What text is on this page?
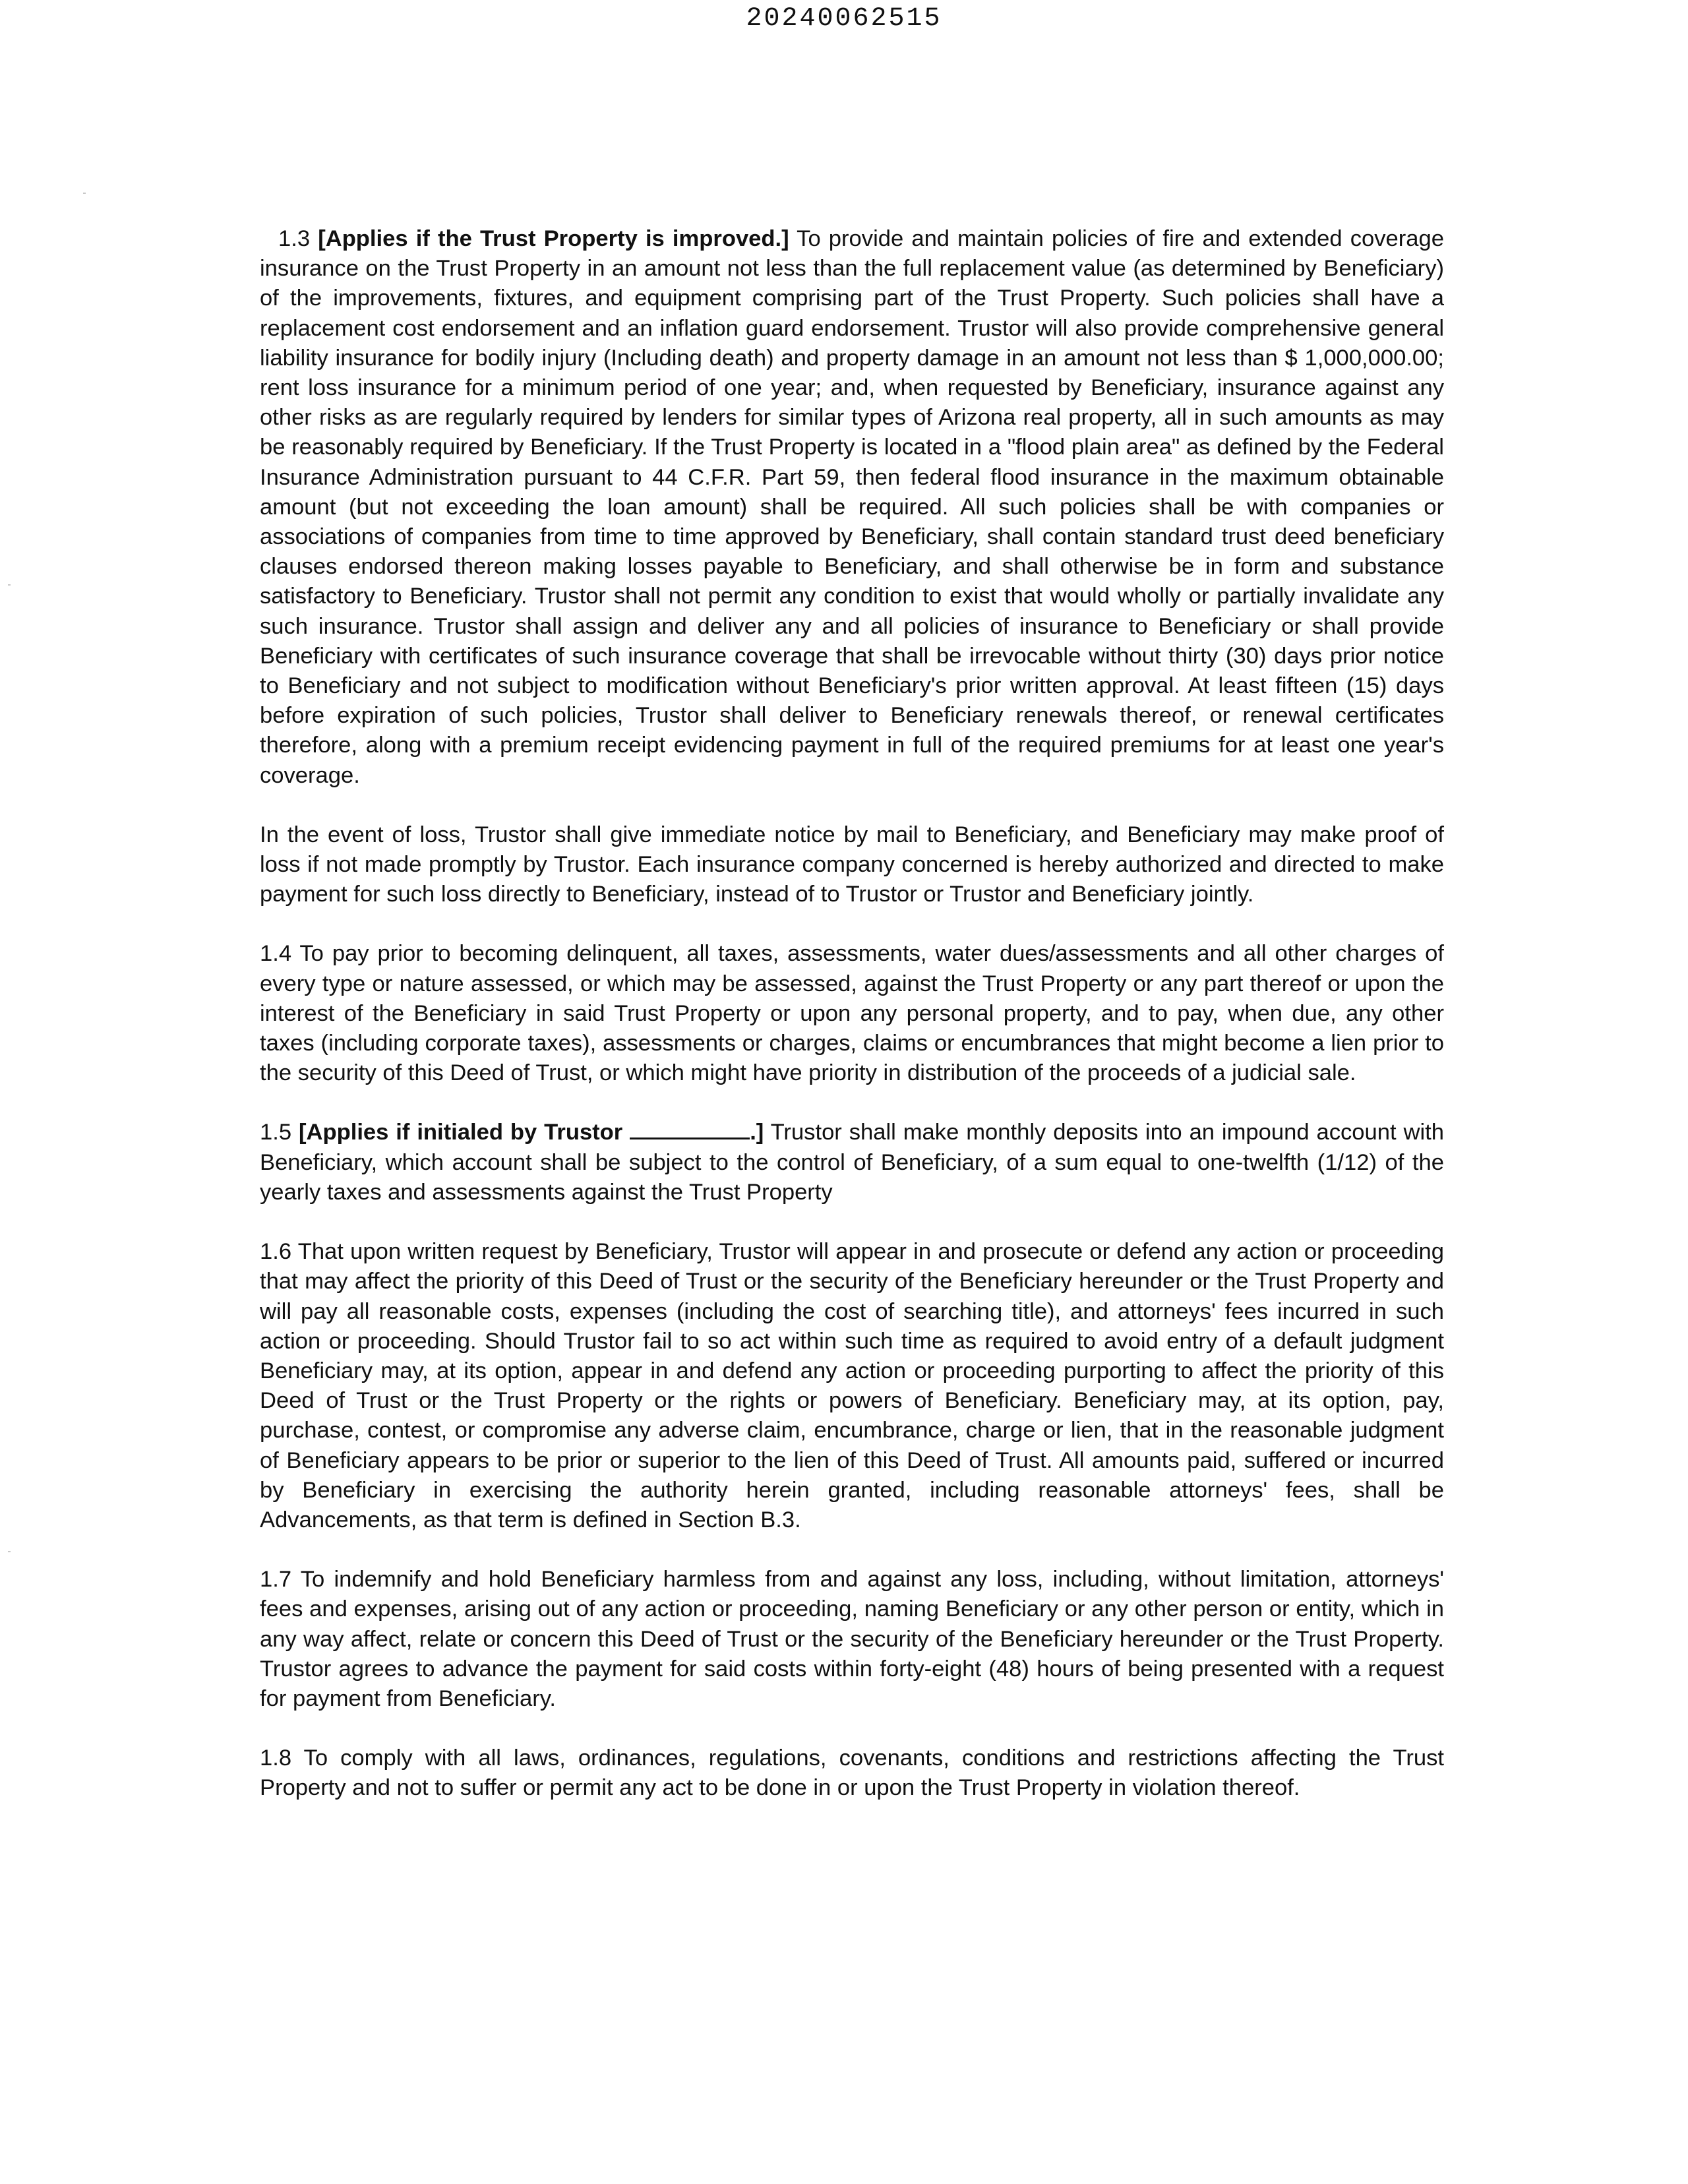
20240062515

1.3 [Applies if the Trust Property is improved.] To provide and maintain policies of fire and extended coverage insurance on the Trust Property in an amount not less than the full replacement value (as determined by Beneficiary) of the improvements, fixtures, and equipment comprising part of the Trust Property. Such policies shall have a replacement cost endorsement and an inflation guard endorsement. Trustor will also provide comprehensive general liability insurance for bodily injury (Including death) and property damage in an amount not less than $ 1,000,000.00; rent loss insurance for a minimum period of one year; and, when requested by Beneficiary, insurance against any other risks as are regularly required by lenders for similar types of Arizona real property, all in such amounts as may be reasonably required by Beneficiary. If the Trust Property is located in a "flood plain area" as defined by the Federal Insurance Administration pursuant to 44 C.F.R. Part 59, then federal flood insurance in the maximum obtainable amount (but not exceeding the loan amount) shall be required. All such policies shall be with companies or associations of companies from time to time approved by Beneficiary, shall contain standard trust deed beneficiary clauses endorsed thereon making losses payable to Beneficiary, and shall otherwise be in form and substance satisfactory to Beneficiary. Trustor shall not permit any condition to exist that would wholly or partially invalidate any such insurance. Trustor shall assign and deliver any and all policies of insurance to Beneficiary or shall provide Beneficiary with certificates of such insurance coverage that shall be irrevocable without thirty (30) days prior notice to Beneficiary and not subject to modification without Beneficiary's prior written approval. At least fifteen (15) days before expiration of such policies, Trustor shall deliver to Beneficiary renewals thereof, or renewal certificates therefore, along with a premium receipt evidencing payment in full of the required premiums for at least one year's coverage.

In the event of loss, Trustor shall give immediate notice by mail to Beneficiary, and Beneficiary may make proof of loss if not made promptly by Trustor. Each insurance company concerned is hereby authorized and directed to make payment for such loss directly to Beneficiary, instead of to Trustor or Trustor and Beneficiary jointly.

1.4 To pay prior to becoming delinquent, all taxes, assessments, water dues/assessments and all other charges of every type or nature assessed, or which may be assessed, against the Trust Property or any part thereof or upon the interest of the Beneficiary in said Trust Property or upon any personal property, and to pay, when due, any other taxes (including corporate taxes), assessments or charges, claims or encumbrances that might become a lien prior to the security of this Deed of Trust, or which might have priority in distribution of the proceeds of a judicial sale.

1.5 [Applies if initialed by Trustor	.] Trustor shall make monthly deposits into an impound account with Beneficiary, which account shall be subject to the control of Beneficiary, of a sum equal to one-twelfth (1/12) of the yearly taxes and assessments against the Trust Property

1.6 That upon written request by Beneficiary, Trustor will appear in and prosecute or defend any action or proceeding that may affect the priority of this Deed of Trust or the security of the Beneficiary hereunder or the Trust Property and will pay all reasonable costs, expenses (including the cost of searching title), and attorneys' fees incurred in such action or proceeding. Should Trustor fail to so act within such time as required to avoid entry of a default judgment Beneficiary may, at its option, appear in and defend any action or proceeding purporting to affect the priority of this Deed of Trust or the Trust Property or the rights or powers of Beneficiary. Beneficiary may, at its option, pay, purchase, contest, or compromise any adverse claim, encumbrance, charge or lien, that in the reasonable judgment of Beneficiary appears to be prior or superior to the lien of this Deed of Trust. All amounts paid, suffered or incurred by Beneficiary in exercising the authority herein granted, including reasonable attorneys' fees, shall be Advancements, as that term is defined in Section B.3.

1.7 To indemnify and hold Beneficiary harmless from and against any loss, including, without limitation, attorneys' fees and expenses, arising out of any action or proceeding, naming Beneficiary or any other person or entity, which in any way affect, relate or concern this Deed of Trust or the security of the Beneficiary hereunder or the Trust Property. Trustor agrees to advance the payment for said costs within forty-eight (48) hours of being presented with a request for payment from Beneficiary.

1.8 To comply with all laws, ordinances, regulations, covenants, conditions and restrictions affecting the Trust Property and not to suffer or permit any act to be done in or upon the Trust Property in violation thereof.
